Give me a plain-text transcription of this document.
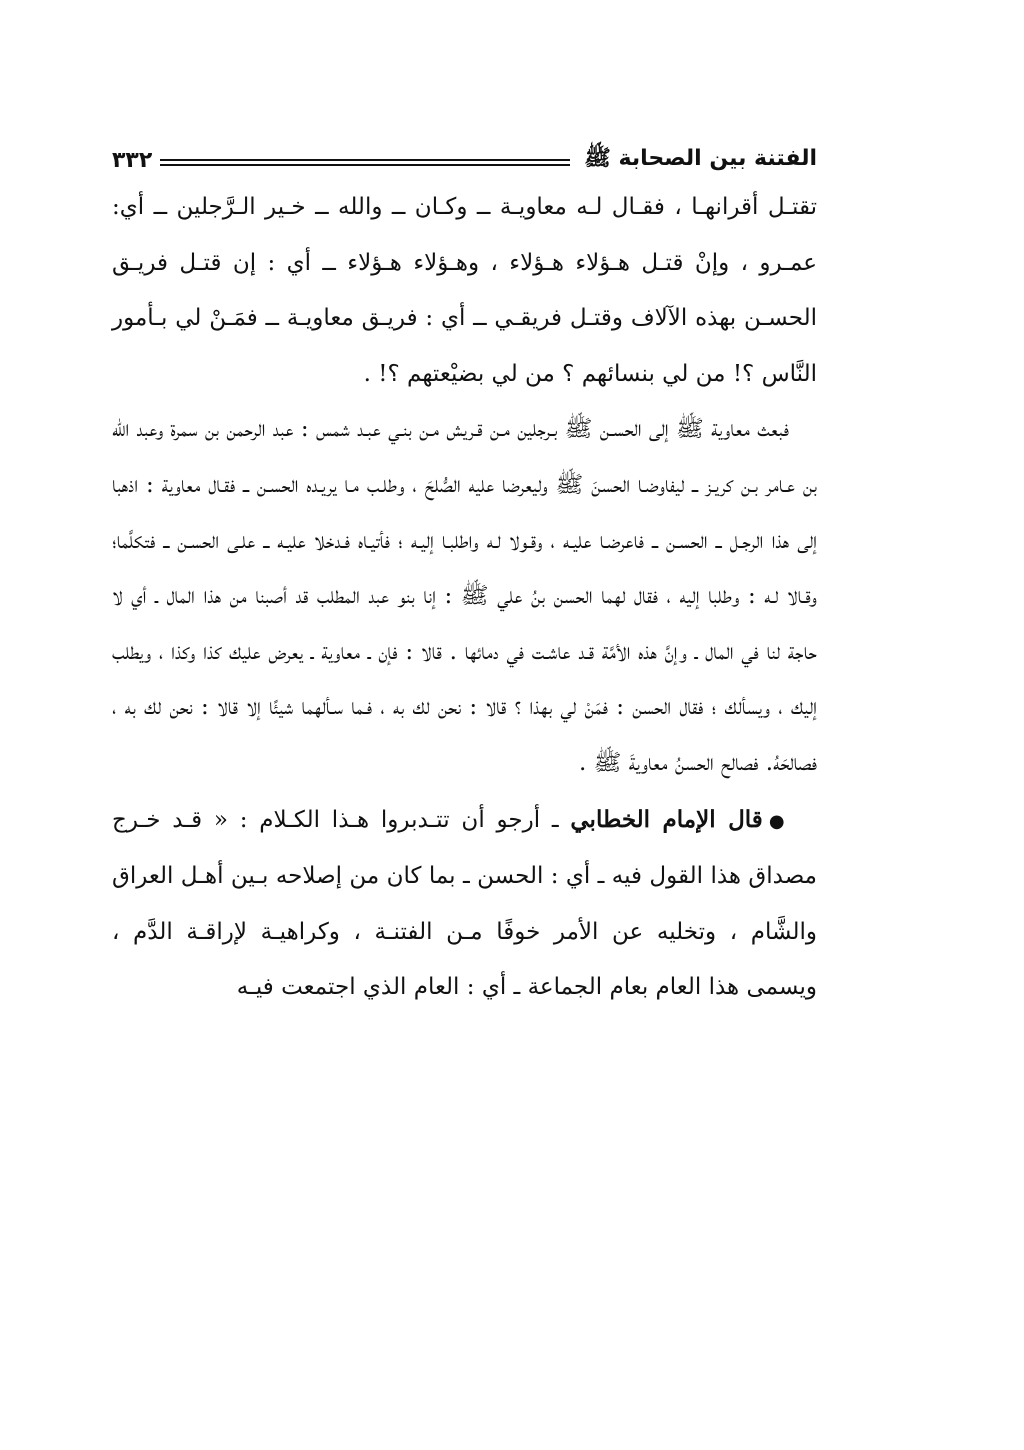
الفتنة بين الصحابة ﷺ
٣٣٢

تقتـل أقرانهـا ، فقـال لـه معاويـة ــ وكـان ــ والله ــ خـير الـرَّجلين ــ أي: عمـرو ، وإنْ قتـل هـؤلاء هـؤلاء ، وهـؤلاء هـؤلاء ــ أي : إن قتـل فريـق الحسـن بهذه الآلاف وقتـل فريقـي ــ أي : فريـق معاويـة ــ فمَـنْ لي بـأمور النَّاس ؟! من لي بنسائهم ؟ من لي بضيْعتهم ؟! .

فبعث معاوية ﷺ إلى الحسـن ﷺ بـرجلين مـن قـريش مـن بنـي عبـد شمس : عبد الرحمن بن سمرة وعبد الله بن عـامر بـن كريـز ــ ليفاوضـا الحسنَ ﷺ وليعرضا عليه الصُّلحَ ، وطلـب مـا يريـده الحسـن ــ فقـال معاوية : اذهبا إلى هذا الرجـل ــ الحسـن ــ فاعرضـا عليـه ، وقـولا لـه واطلبـا إليـه ؛ فأتيـاه فـدخلا عليـه ــ علـى الحسـن ــ فتكلَّما؛وقـالا لـه : وطلبا إليه ، فقال لهما الحسن بنُ علي ﷺ : إنا بنو عبد المطلب قد أصبنا من هذا المال ـ أي لا حاجة لنا في المال ـ وإنَّ هذه الأمَّة قـد عاشـت في دمائها . قالا : فإن ـ معاوية ـ يعرض عليك كذا وكذا ، ويطلب إليك ، ويسألك ؛ فقال الحسن : فمَنْ لي بهذا ؟ قالا : نحن لك به ، فـما سـألهما شيئًا إلا قالا : نحن لك به ، فصالحَهُ. فصالح الحسنُ معاويةَ ﷺ .

●قال الإمام الخطابي ـ أرجو أن تتـدبروا هـذا الكـلام : « قـد خـرج مصداق هذا القول فيه ـ أي : الحسن ـ بما كان من إصلاحه بـين أهـل العراق والشَّام ، وتخليه عن الأمر خوفًا مـن الفتنـة ، وكراهيـة لإراقـة الدَّم ، ويسمى هذا العام بعام الجماعة ـ أي : العام الذي اجتمعت فيـه
